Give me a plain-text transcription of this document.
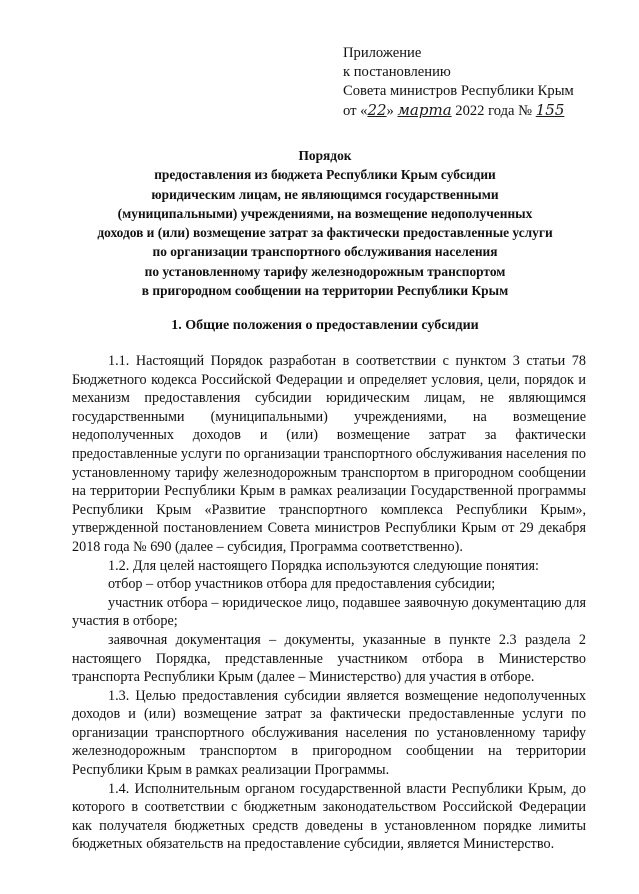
Приложение
к постановлению
Совета министров Республики Крым
от «22» марта 2022 года № 155
Порядок
предоставления из бюджета Республики Крым субсидии
юридическим лицам, не являющимся государственными
(муниципальными) учреждениями, на возмещение недополученных
доходов и (или) возмещение затрат за фактически предоставленные услуги
по организации транспортного обслуживания населения
по установленному тарифу железнодорожным транспортом
в пригородном сообщении на территории Республики Крым
1. Общие положения о предоставлении субсидии

1.1. Настоящий Порядок разработан в соответствии с пунктом 3 статьи 78 Бюджетного кодекса Российской Федерации и определяет условия, цели, порядок и механизм предоставления субсидии юридическим лицам, не являющимся государственными (муниципальными) учреждениями, на возмещение недополученных доходов и (или) возмещение затрат за фактически предоставленные услуги по организации транспортного обслуживания населения по установленному тарифу железнодорожным транспортом в пригородном сообщении на территории Республики Крым в рамках реализации Государственной программы Республики Крым «Развитие транспортного комплекса Республики Крым», утвержденной постановлением Совета министров Республики Крым от 29 декабря 2018 года № 690 (далее – субсидия, Программа соответственно).

1.2. Для целей настоящего Порядка используются следующие понятия:

отбор – отбор участников отбора для предоставления субсидии;

участник отбора – юридическое лицо, подавшее заявочную документацию для участия в отборе;

заявочная документация – документы, указанные в пункте 2.3 раздела 2 настоящего Порядка, представленные участником отбора в Министерство транспорта Республики Крым (далее – Министерство) для участия в отборе.

1.3. Целью предоставления субсидии является возмещение недополученных доходов и (или) возмещение затрат за фактически предоставленные услуги по организации транспортного обслуживания населения по установленному тарифу железнодорожным транспортом в пригородном сообщении на территории Республики Крым в рамках реализации Программы.

1.4. Исполнительным органом государственной власти Республики Крым, до которого в соответствии с бюджетным законодательством Российской Федерации как получателя бюджетных средств доведены в установленном порядке лимиты бюджетных обязательств на предоставление субсидии, является Министерство.
